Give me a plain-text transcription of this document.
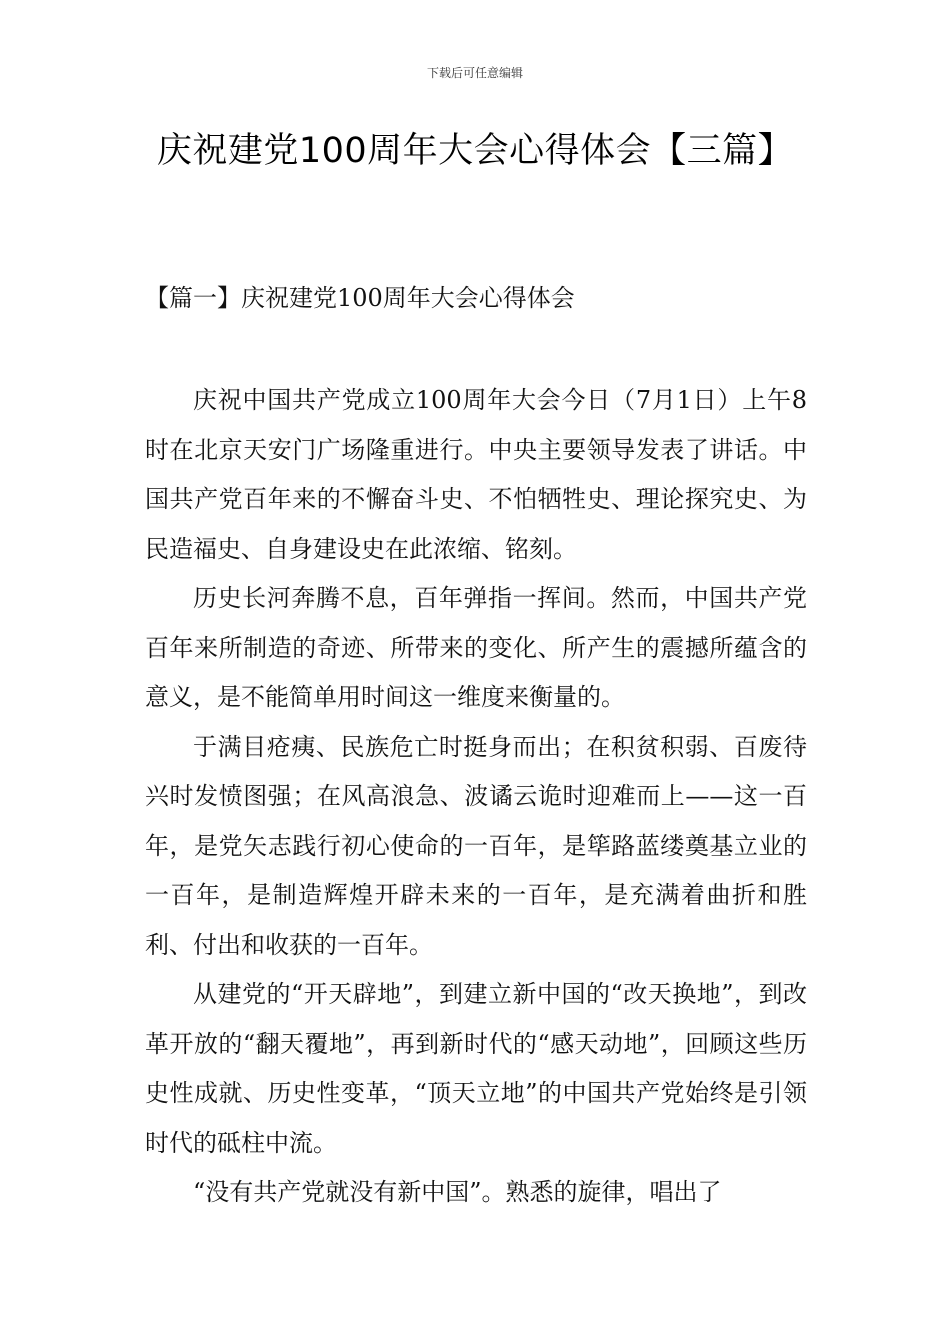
下载后可任意编辑
庆祝建党100周年大会心得体会【三篇】
【篇一】庆祝建党100周年大会心得体会

庆祝中国共产党成立100周年大会今日（7月1日）上午8时在北京天安门广场隆重进行。中央主要领导发表了讲话。中国共产党百年来的不懈奋斗史、不怕牺牲史、理论探究史、为民造福史、自身建设史在此浓缩、铭刻。

历史长河奔腾不息，百年弹指一挥间。然而，中国共产党百年来所制造的奇迹、所带来的变化、所产生的震撼所蕴含的意义，是不能简单用时间这一维度来衡量的。

于满目疮痍、民族危亡时挺身而出；在积贫积弱、百废待兴时发愤图强；在风高浪急、波谲云诡时迎难而上——这一百年，是党矢志践行初心使命的一百年，是筚路蓝缕奠基立业的一百年，是制造辉煌开辟未来的一百年，是充满着曲折和胜利、付出和收获的一百年。

从建党的“开天辟地”，到建立新中国的“改天换地”，到改革开放的“翻天覆地”，再到新时代的“感天动地”，回顾这些历史性成就、历史性变革，“顶天立地”的中国共产党始终是引领时代的砥柱中流。

“没有共产党就没有新中国”。熟悉的旋律，唱出了
